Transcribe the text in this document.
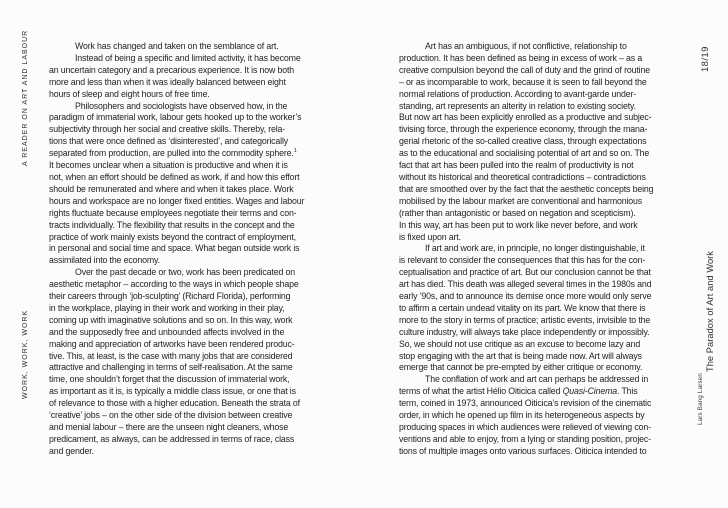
A READER ON ART AND LABOUR
WORK, WORK, WORK
Work has changed and taken on the semblance of art.
Instead of being a specific and limited activity, it has become
an uncertain category and a precarious experience. It is now both
more and less than when it was ideally balanced between eight
hours of sleep and eight hours of free time.
Philosophers and sociologists have observed how, in the
paradigm of immaterial work, labour gets hooked up to the worker’s
subjectivity through her social and creative skills. Thereby, rela-
tions that were once defined as ‘disinterested’, and categorically
separated from production, are pulled into the commodity sphere.$^1$
It becomes unclear when a situation is productive and when it is
not, when an effort should be defined as work, if and how this effort
should be remunerated and where and when it takes place. Work
hours and workspace are no longer fixed entities. Wages and labour
rights fluctuate because employees negotiate their terms and con-
tracts individually. The flexibility that results in the concept and the
practice of work mainly exists beyond the contract of employment,
in personal and social time and space. What began outside work is
assimilated into the economy.
Over the past decade or two, work has been predicated on
aesthetic metaphor – according to the ways in which people shape
their careers through ‘job-sculpting’ (Richard Florida), performing
in the workplace, playing in their work and working in their play,
coming up with imaginative solutions and so on. In this way, work
and the supposedly free and unbounded affects involved in the
making and appreciation of artworks have been rendered produc-
tive. This, at least, is the case with many jobs that are considered
attractive and challenging in terms of self-realisation. At the same
time, one shouldn’t forget that the discussion of immaterial work,
as important as it is, is typically a middle class issue, or one that is
of relevance to those with a higher education. Beneath the strata of
‘creative’ jobs – on the other side of the division between creative
and menial labour – there are the unseen night cleaners, whose
predicament, as always, can be addressed in terms of race, class
and gender.
Art has an ambiguous, if not conflictive, relationship to
production. It has been defined as being in excess of work – as a
creative compulsion beyond the call of duty and the grind of routine
– or as incomparable to work, because it is seen to fall beyond the
normal relations of production. According to avant-garde under-
standing, art represents an alterity in relation to existing society.
But now art has been explicitly enrolled as a productive and subjec-
tivising force, through the experience economy, through the mana-
gerial rhetoric of the so-called creative class, through expectations
as to the educational and socialising potential of art and so on. The
fact that art has been pulled into the realm of productivity is not
without its historical and theoretical contradictions – contradictions
that are smoothed over by the fact that the aesthetic concepts being
mobilised by the labour market are conventional and harmonious
(rather than antagonistic or based on negation and scepticism).
In this way, art has been put to work like never before, and work
is fixed upon art.
If art and work are, in principle, no longer distinguishable, it
is relevant to consider the consequences that this has for the con-
ceptualisation and practice of art. But our conclusion cannot be that
art has died. This death was alleged several times in the 1980s and
early ’90s, and to announce its demise once more would only serve
to affirm a certain undead vitality on its part. We know that there is
more to the story in terms of practice; artistic events, invisible to the
culture industry, will always take place independently or impossibly.
So, we should not use critique as an excuse to become lazy and
stop engaging with the art that is being made now. Art will always
emerge that cannot be pre-empted by either critique or economy.
The conflation of work and art can perhaps be addressed in
terms of what the artist Hélio Oiticica called Quasi-Cinema. This
term, coined in 1973, announced Oiticica’s revision of the cinematic
order, in which he opened up film in its heterogeneous aspects by
producing spaces in which audiences were relieved of viewing con-
ventions and able to enjoy, from a lying or standing position, projec-
tions of multiple images onto various surfaces. Oiticica intended to
18/19
The Paradox of Art and Work
Lars Bang Larsen
